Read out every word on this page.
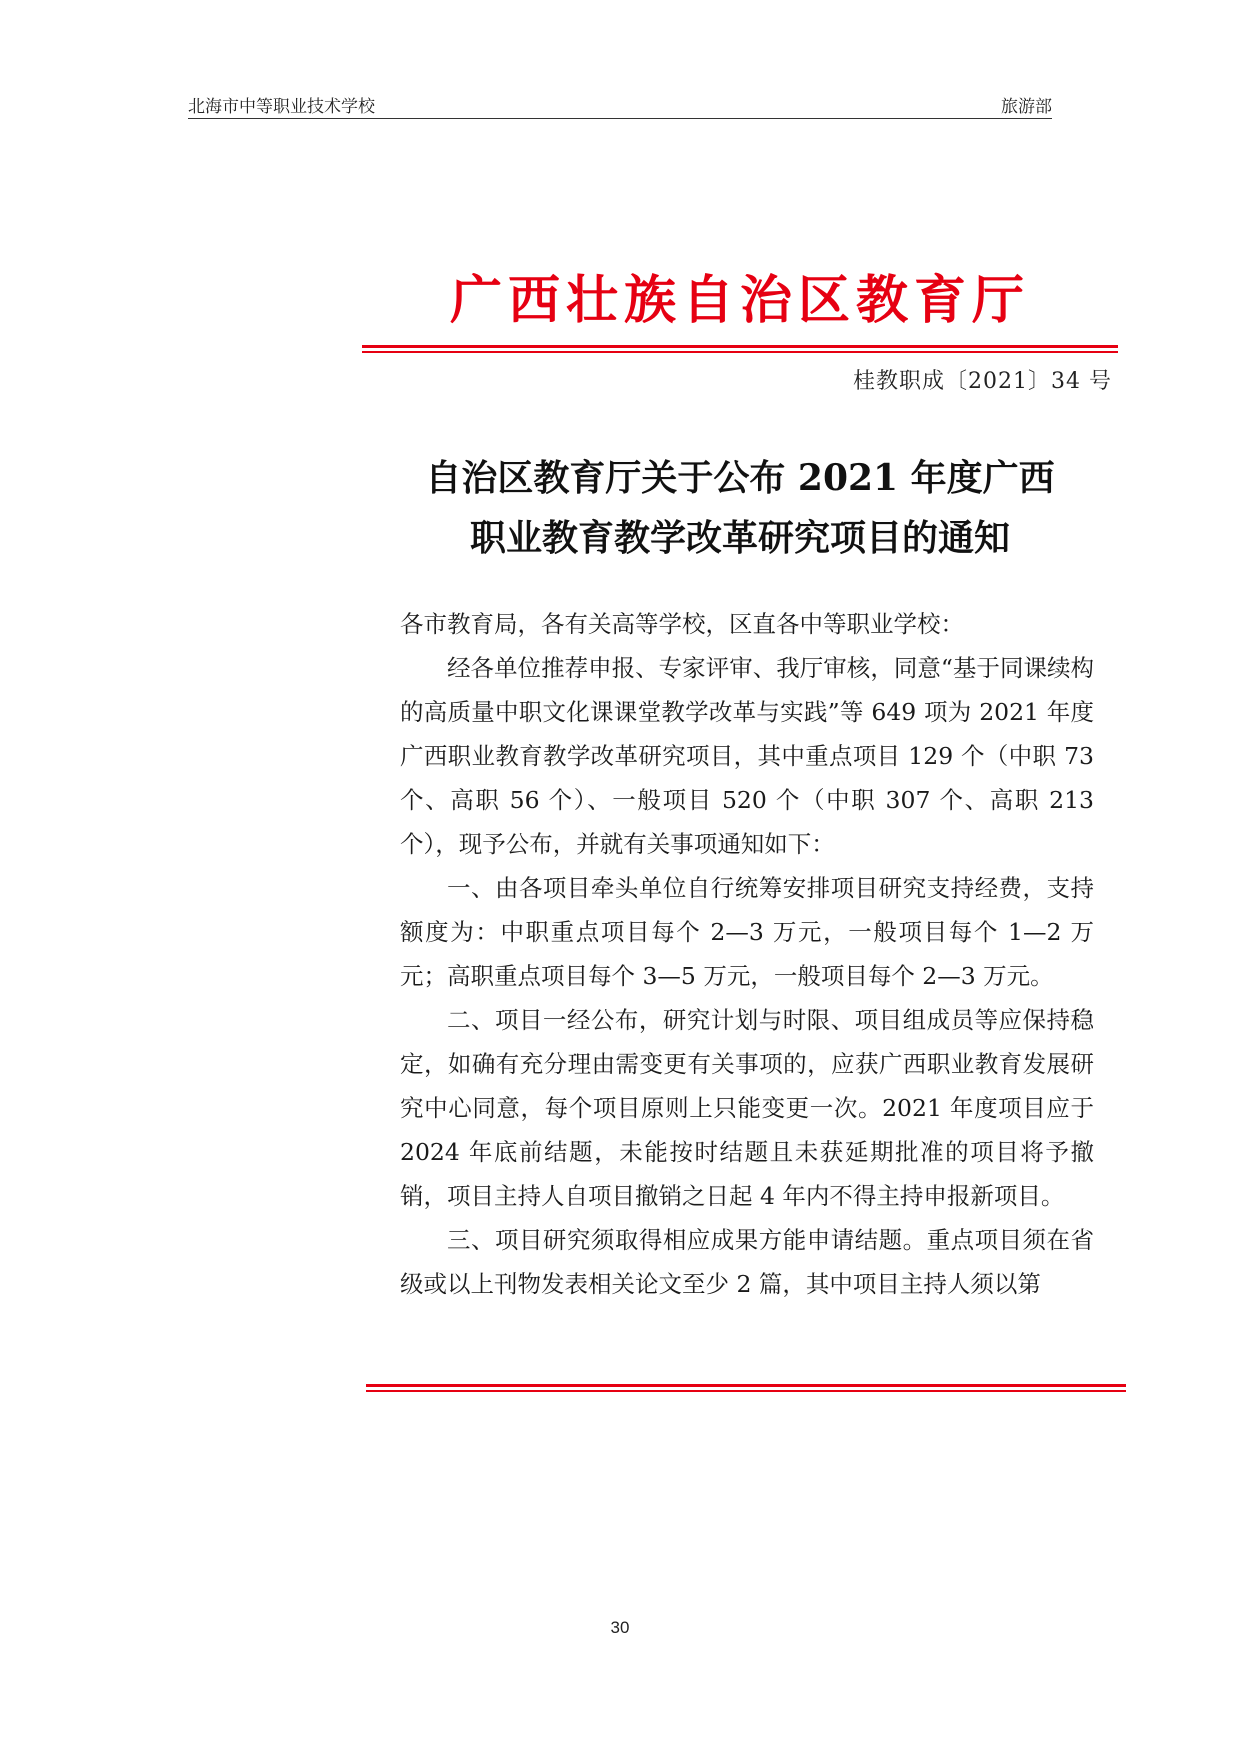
北海市中等职业技术学校	旅游部
广西壮族自治区教育厅
桂教职成〔2021〕34 号
自治区教育厅关于公布 2021 年度广西
职业教育教学改革研究项目的通知

各市教育局，各有关高等学校，区直各中等职业学校：

经各单位推荐申报、专家评审、我厅审核，同意“基于同课续构的高质量中职文化课课堂教学改革与实践”等 649 项为 2021 年度广西职业教育教学改革研究项目，其中重点项目 129 个（中职 73 个、高职 56 个）、一般项目 520 个（中职 307 个、高职 213 个），现予公布，并就有关事项通知如下：

一、由各项目牵头单位自行统筹安排项目研究支持经费，支持额度为：中职重点项目每个 2—3 万元，一般项目每个 1—2 万元；高职重点项目每个 3—5 万元，一般项目每个 2—3 万元。

二、项目一经公布，研究计划与时限、项目组成员等应保持稳定，如确有充分理由需变更有关事项的，应获广西职业教育发展研究中心同意，每个项目原则上只能变更一次。2021 年度项目应于 2024 年底前结题，未能按时结题且未获延期批准的项目将予撤销，项目主持人自项目撤销之日起 4 年内不得主持申报新项目。

三、项目研究须取得相应成果方能申请结题。重点项目须在省级或以上刊物发表相关论文至少 2 篇，其中项目主持人须以第

30
